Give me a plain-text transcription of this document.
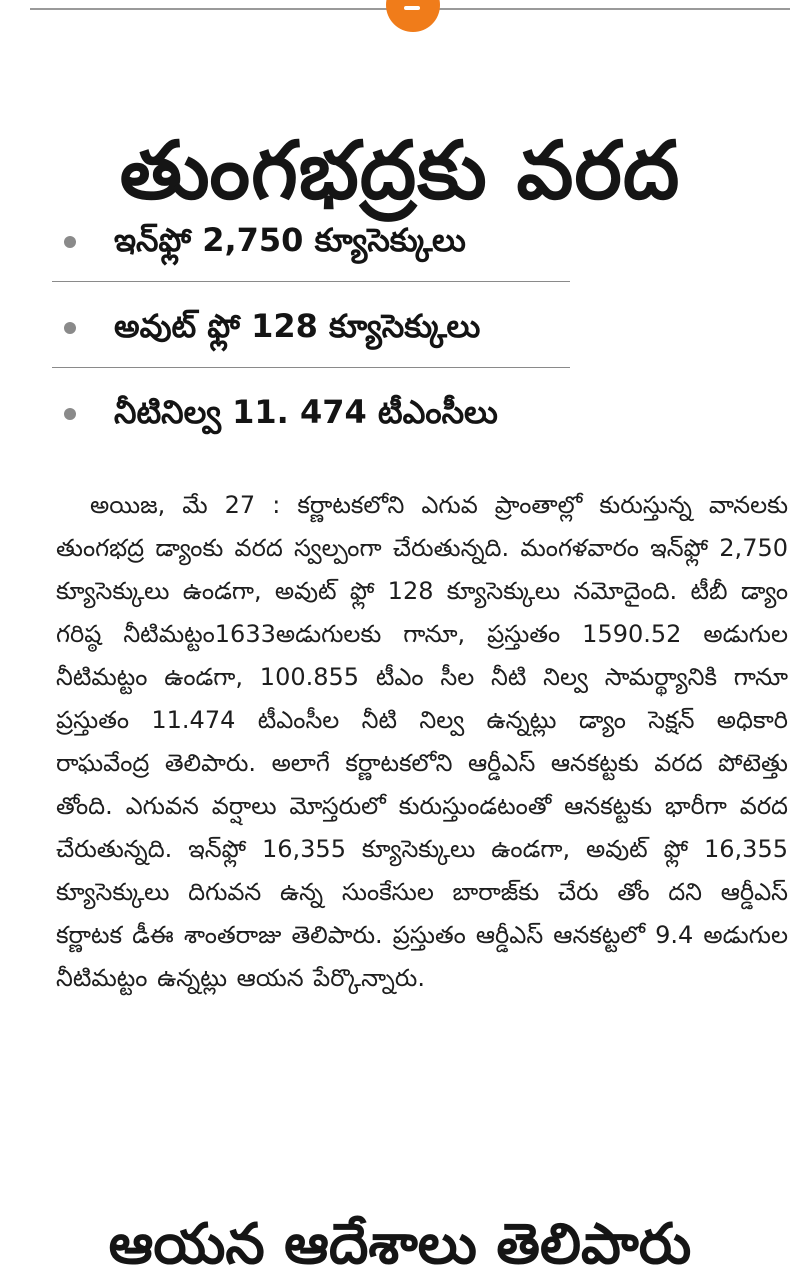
తుంగభద్రకు వరద
ఇన్‌ఫ్లో 2,750 క్యూసెక్కులు
అవుట్ ఫ్లో 128 క్యూసెక్కులు
నీటినిల్వ 11. 474 టీఎంసీలు

అయిజ, మే 27 : కర్ణాటకలోని ఎగువ ప్రాంతాల్లో కురుస్తున్న వానలకు తుంగభద్ర డ్యాంకు వరద స్వల్పంగా చేరుతున్నది. మంగళవారం ఇన్‌ఫ్లో 2,750 క్యూసెక్కులు ఉండగా, అవుట్ ఫ్లో 128 క్యూసెక్కులు నమోదైంది. టీబీ డ్యాం గరిష్ఠ నీటిమట్టం1633అడుగులకు గానూ, ప్రస్తుతం 1590.52 అడుగుల నీటిమట్టం ఉండగా, 100.855 టీఎం సీల నీటి నిల్వ సామర్థ్యానికి గానూ ప్రస్తుతం 11.474 టీఎంసీల నీటి నిల్వ ఉన్నట్లు డ్యాం సెక్షన్ అధికారి రాఘవేంద్ర తెలిపారు. అలాగే కర్ణాటకలోని ఆర్డీఎస్ ఆనకట్టకు వరద పోటెత్తు తోంది. ఎగువన వర్షాలు మోస్తరులో కురుస్తుండటంతో ఆనకట్టకు భారీగా వరద చేరుతున్నది. ఇన్‌ఫ్లో 16,355 క్యూసెక్కులు ఉండగా, అవుట్ ఫ్లో 16,355 క్యూసెక్కులు దిగువన ఉన్న సుంకేసుల బారాజ్‌కు చేరు తోం దని ఆర్డీఎస్ కర్ణాటక డీఈ శాంతరాజు తెలిపారు. ప్రస్తుతం ఆర్డీఎస్ ఆనకట్టలో 9.4 అడుగుల నీటిమట్టం ఉన్నట్లు ఆయన పేర్కొన్నారు.

ఆయన ఆదేశాలు తెలిపారు
